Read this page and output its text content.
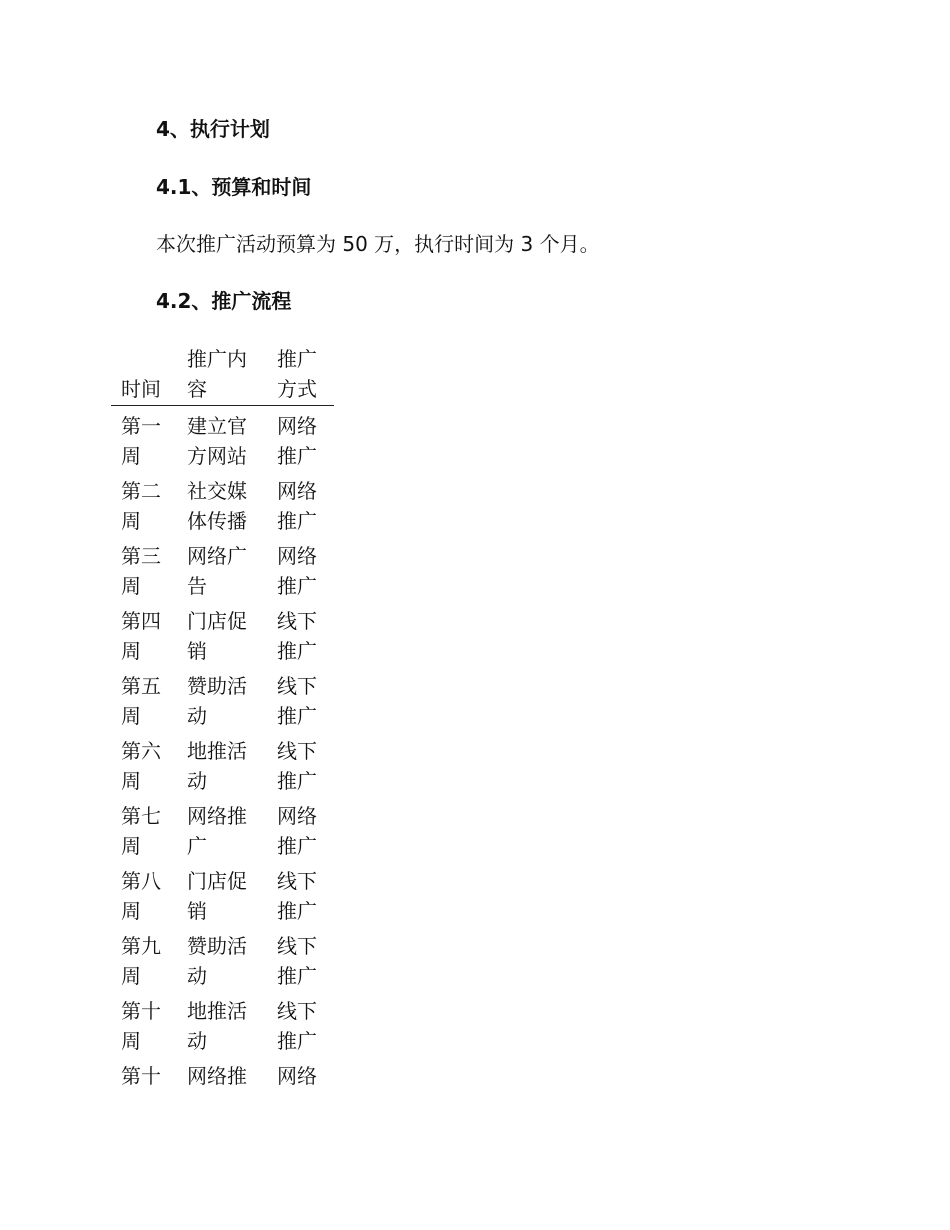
4、执行计划
4.1、预算和时间

本次推广活动预算为 50 万，执行时间为 3 个月。

4.2、推广流程
时间	推广内容	推广方式

第一周	建立官方网站	网络推广

第二周	社交媒体传播	网络推广

第三周	网络广告	网络推广

第四周	门店促销	线下推广

第五周	赞助活动	线下推广

第六周	地推活动	线下推广

第七周	网络推广	网络推广

第八周	门店促销	线下推广

第九周	赞助活动	线下推广

第十周	地推活动	线下推广

第十	网络推	网络
